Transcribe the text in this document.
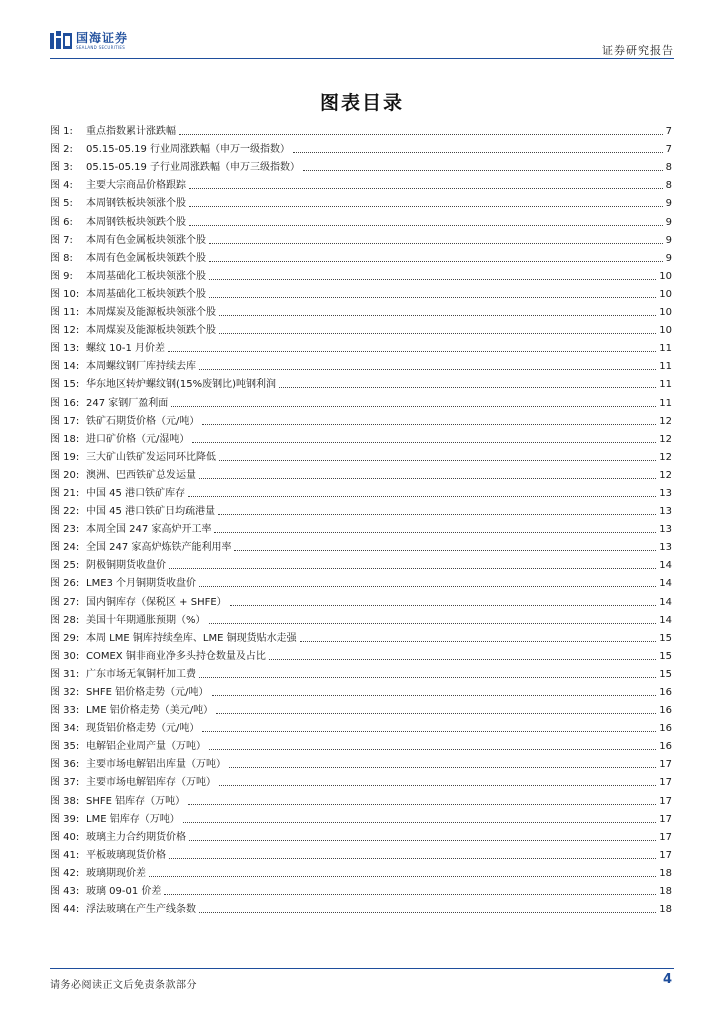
国海证券
SEALAND SECURITIES	证券研究报告
图表目录
图 1:	重点指数累计涨跌幅	7
图 2:	05.15-05.19 行业周涨跌幅（申万一级指数）	7
图 3:	05.15-05.19 子行业周涨跌幅（申万三级指数）	8
图 4:	主要大宗商品价格跟踪	8
图 5:	本周钢铁板块领涨个股	9
图 6:	本周钢铁板块领跌个股	9
图 7:	本周有色金属板块领涨个股	9
图 8:	本周有色金属板块领跌个股	9
图 9:	本周基础化工板块领涨个股	10
图 10: 本周基础化工板块领跌个股	10
图 11: 本周煤炭及能源板块领涨个股	10
图 12: 本周煤炭及能源板块领跌个股	10
图 13: 螺纹 10-1 月价差	11
图 14: 本周螺纹钢厂库持续去库	11
图 15: 华东地区转炉螺纹钢(15%废钢比)吨钢利润	11
图 16: 247 家钢厂盈利面	11
图 17: 铁矿石期货价格（元/吨）	12
图 18: 进口矿价格（元/湿吨）	12
图 19: 三大矿山铁矿发运同环比降低	12
图 20: 澳洲、巴西铁矿总发运量	12
图 21: 中国 45 港口铁矿库存	13
图 22: 中国 45 港口铁矿日均疏港量	13
图 23: 本周全国 247 家高炉开工率	13
图 24: 全国 247 家高炉炼铁产能利用率	13
图 25: 阴极铜期货收盘价	14
图 26: LME3 个月铜期货收盘价	14
图 27: 国内铜库存（保税区 + SHFE）	14
图 28: 美国十年期通胀预期（%）	14
图 29: 本周 LME 铜库持续垒库、LME 铜现货贴水走强	15
图 30: COMEX 铜非商业净多头持仓数量及占比	15
图 31: 广东市场无氧铜杆加工费	15
图 32: SHFE 铝价格走势（元/吨）	16
图 33: LME 铝价格走势（美元/吨）	16
图 34: 现货铝价格走势（元/吨）	16
图 35: 电解铝企业周产量（万吨）	16
图 36: 主要市场电解铝出库量（万吨）	17
图 37: 主要市场电解铝库存（万吨）	17
图 38: SHFE 铝库存（万吨）	17
图 39: LME 铝库存（万吨）	17
图 40: 玻璃主力合约期货价格	17
图 41: 平板玻璃现货价格	17
图 42: 玻璃期现价差	18
图 43: 玻璃 09-01 价差	18
图 44: 浮法玻璃在产生产线条数	18
请务必阅读正文后免责条款部分	4
